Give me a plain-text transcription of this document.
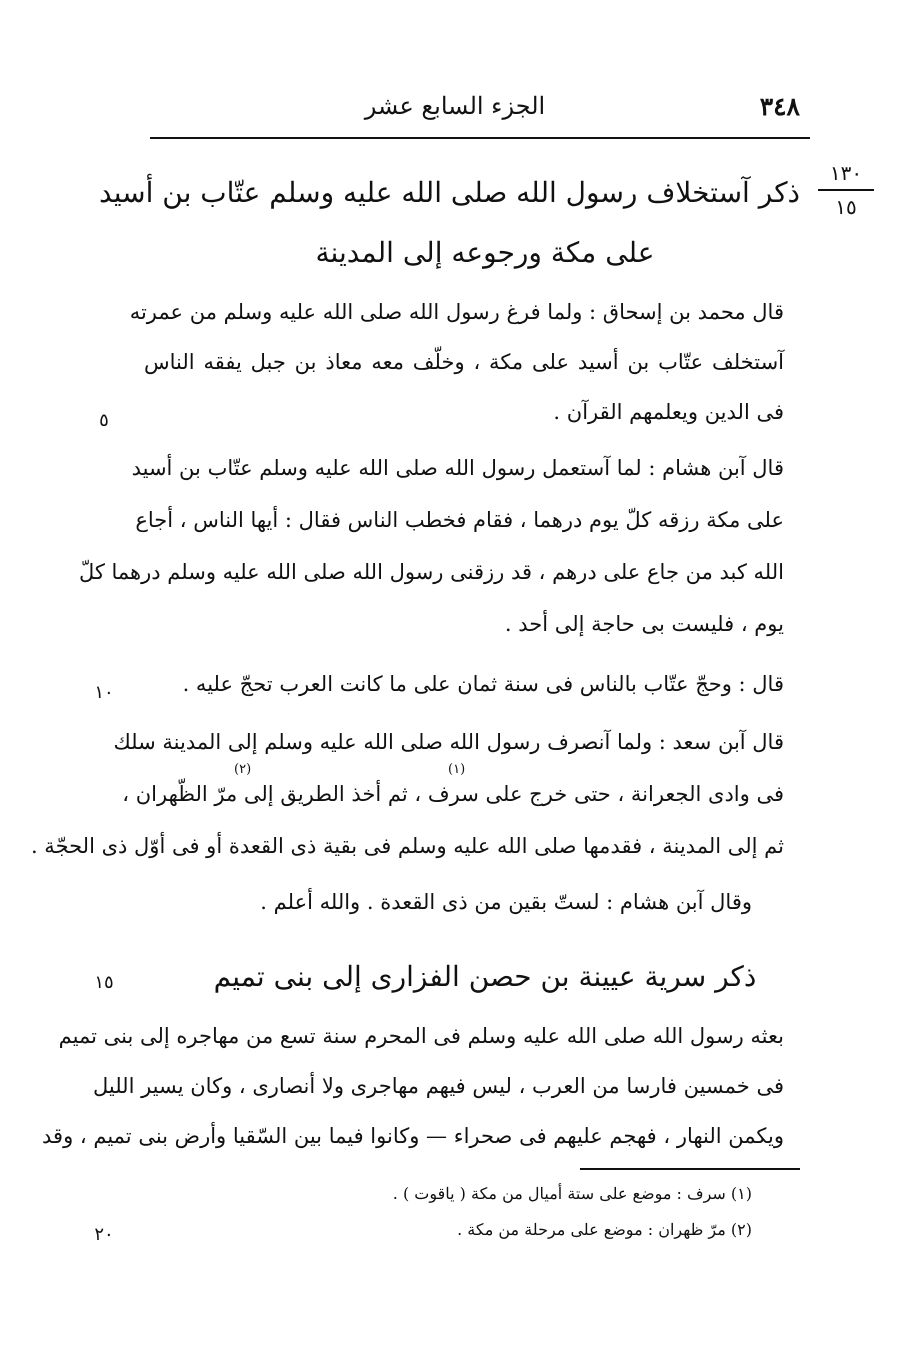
٣٤٨
الجزء السابع عشر
١٣٠
١٥
ذكر آستخلاف رسول الله صلى الله عليه وسلم عتّاب بن أسيد
على مكة ورجوعه إلى المدينة
قال محمد بن إسحاق : ولما فرغ رسول الله صلى الله عليه وسلم من عمرته
آستخلف عتّاب بن أسيد على مكة ، وخلّف معه معاذ بن جبل يفقه الناس
فى الدين ويعلمهم القرآن .
قال آبن هشام : لما آستعمل رسول الله صلى الله عليه وسلم عتّاب بن أسيد
على مكة رزقه كلّ يوم درهما ، فقام فخطب الناس فقال : أيها الناس ، أجاع
الله كبد من جاع على درهم ، قد رزقنى رسول الله صلى الله عليه وسلم درهما كلّ
يوم ، فليست بى حاجة إلى أحد .
قال : وحجّ عتّاب بالناس فى سنة ثمان على ما كانت العرب تحجّ عليه .
قال آبن سعد : ولما آنصرف رسول الله صلى الله عليه وسلم إلى المدينة سلك
(١)
(٢)
فى وادى الجعرانة ، حتى خرج على سرف ، ثم أخذ الطريق إلى مرّ الظّهران ،
ثم إلى المدينة ، فقدمها صلى الله عليه وسلم فى بقية ذى القعدة أو فى أوّل ذى الحجّة .
وقال آبن هشام : لستّ بقين من ذى القعدة . والله أعلم .
ذكر سرية عيينة بن حصن الفزارى إلى بنى تميم
بعثه رسول الله صلى الله عليه وسلم فى المحرم سنة تسع من مهاجره إلى بنى تميم
فى خمسين فارسا من العرب ، ليس فيهم مهاجرى ولا أنصارى ، وكان يسير الليل
ويكمن النهار ، فهجم عليهم فى صحراء — وكانوا فيما بين السّقيا وأرض بنى تميم ، وقد
٥
١٠
١٥
٢٠
(١) سرف : موضع على ستة أميال من مكة ( ياقوت ) .
(٢) مرّ ظهران : موضع على مرحلة من مكة .
